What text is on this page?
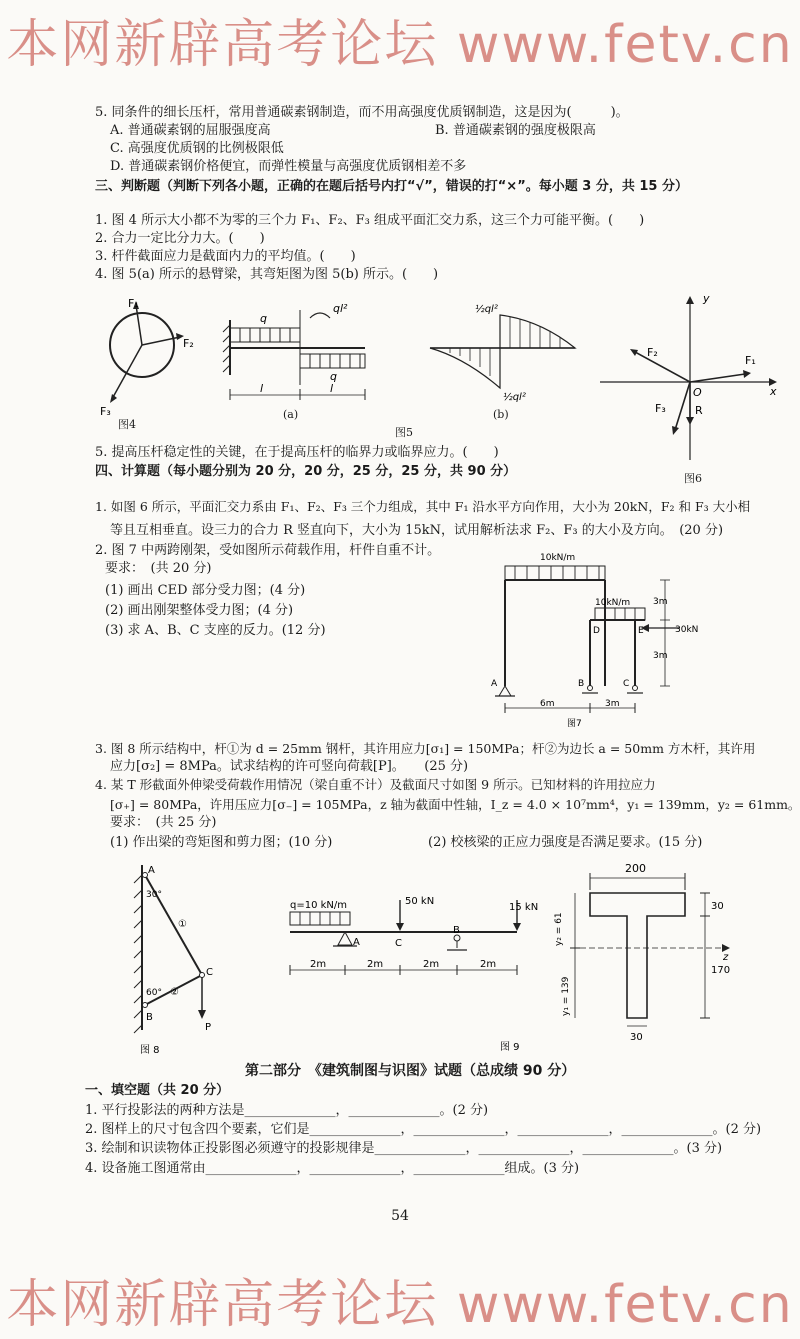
本网新辟高考论坛 www.fetv.cn
本网新辟高考论坛 www.fetv.cn
5. 同条件的细长压杆，常用普通碳素钢制造，而不用高强度优质钢制造，这是因为(　　　)。
A. 普通碳素钢的屈服强度高	B. 普通碳素钢的强度极限高
C. 高强度优质钢的比例极限低
D. 普通碳素钢价格便宜，而弹性模量与高强度优质钢相差不多
三、判断题（判断下列各小题，正确的在题后括号内打“√”，错误的打“×”。每小题 3 分，共 15 分）
1. 图 4 所示大小都不为零的三个力 F₁、F₂、F₃ 组成平面汇交力系，这三个力可能平衡。(　　)
2. 合力一定比分力大。(　　)
3. 杆件截面应力是截面内力的平均值。(　　)
4. 图 5(a) 所示的悬臂梁，其弯矩图为图 5(b) 所示。(　　)
F₁
F₂
F₃
图4
q
q
ql²
l	l
(a)
½ql²
½ql²
(b)
图5
y
x
O
F₁
F₂
F₃	R
图6
5. 提高压杆稳定性的关键，在于提高压杆的临界力或临界应力。(　　)
四、计算题（每小题分别为 20 分，20 分，25 分，25 分，共 90 分）
1. 如图 6 所示，平面汇交力系由 F₁、F₂、F₃ 三个力组成，其中 F₁ 沿水平方向作用，大小为 20kN，F₂ 和 F₃ 大小相
等且互相垂直。设三力的合力 R 竖直向下，大小为 15kN，试用解析法求 F₂、F₃ 的大小及方向。　(20 分)
2. 图 7 中两跨刚架，受如图所示荷载作用，杆件自重不计。
要求：　(共 20 分)
(1) 画出 CED 部分受力图；(4 分)
(2) 画出刚架整体受力图；(4 分)
(3) 求 A、B、C 支座的反力。(12 分)
10kN/m
10kN/m
30kN
3m
3m
6m	3m
A	B	C
D	E
图7
3. 图 8 所示结构中，杆①为 d = 25mm 钢杆，其许用应力[σ₁] = 150MPa；杆②为边长 a = 50mm 方木杆，其许用
应力[σ₂] = 8MPa。试求结构的许可竖向荷载[P]。　　(25 分)
4. 某 T 形截面外伸梁受荷载作用情况（梁自重不计）及截面尺寸如图 9 所示。已知材料的许用拉应力
[σ₊] = 80MPa，许用压应力[σ₋] = 105MPa，z 轴为截面中性轴，I_z = 4.0 × 10⁷mm⁴，y₁ = 139mm，y₂ = 61mm。
要求：　(共 25 分)
(1) 作出梁的弯矩图和剪力图；(10 分)	(2) 校核梁的正应力强度是否满足要求。(15 分)
A
B
C
P
30°
60°
①
②
图 8
q=10 kN/m	50 kN
15 kN
A	C
B
2m	2m	2m	2m
图 9
200
30
170
30
z
y₁ = 139
y₂ = 61
第二部分　《建筑制图与识图》试题（总成绩 90 分）
一、填空题（共 20 分）
1. 平行投影法的两种方法是______________，______________。(2 分)
2. 图样上的尺寸包含四个要素，它们是______________，______________，______________，______________。(2 分)
3. 绘制和识读物体正投影图必须遵守的投影规律是______________，______________，______________。(3 分)
4. 设备施工图通常由______________，______________，______________组成。(3 分)
54
